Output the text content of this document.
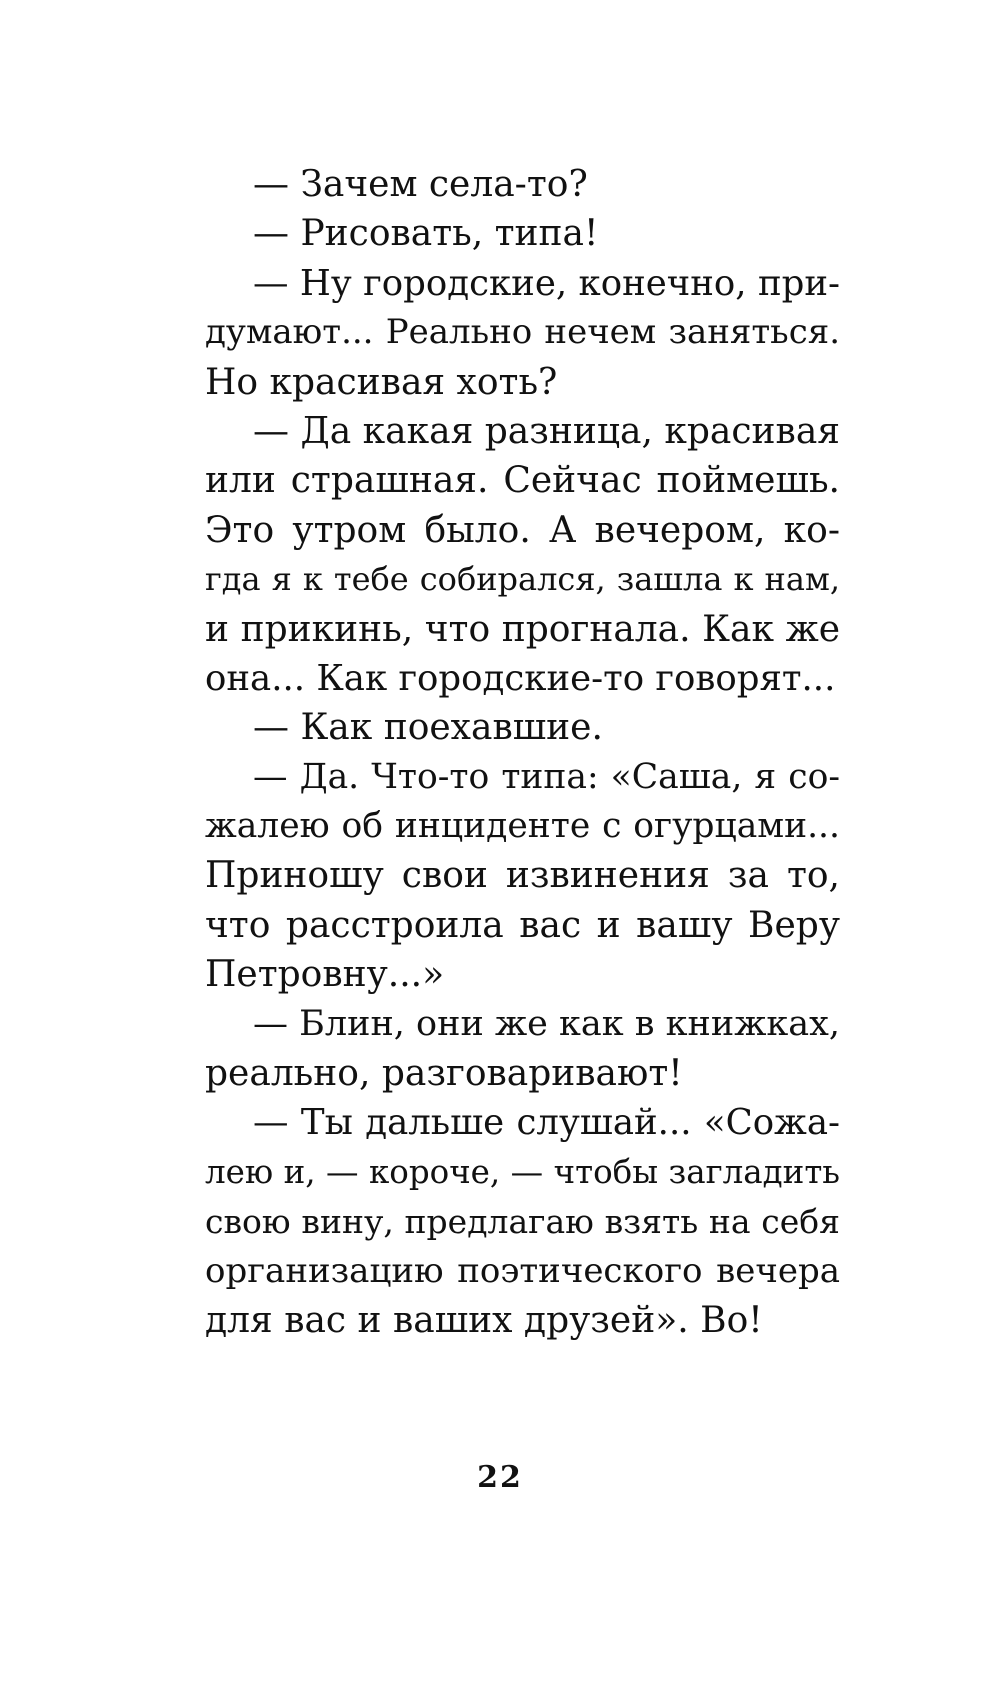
— Зачем села-то?
— Рисовать, типа!
— Ну городские, конечно, при-
думают... Реально нечем заняться.
Но красивая хоть?
— Да какая разница, красивая
или страшная. Сейчас поймешь.
Это утром было. А вечером, ко-
гда я к тебе собирался, зашла к нам,
и прикинь, что прогнала. Как же
она... Как городские-то говорят...
— Как поехавшие.
— Да. Что-то типа: «Саша, я со-
жалею об инциденте с огурцами...
Приношу свои извинения за то,
что расстроила вас и вашу Веру
Петровну...»
— Блин, они же как в книжках,
реально, разговаривают!
— Ты дальше слушай... «Сожа-
лею и, — короче, — чтобы загладить
свою вину, предлагаю взять на себя
организацию поэтического вечера
для вас и ваших друзей». Во!
22
